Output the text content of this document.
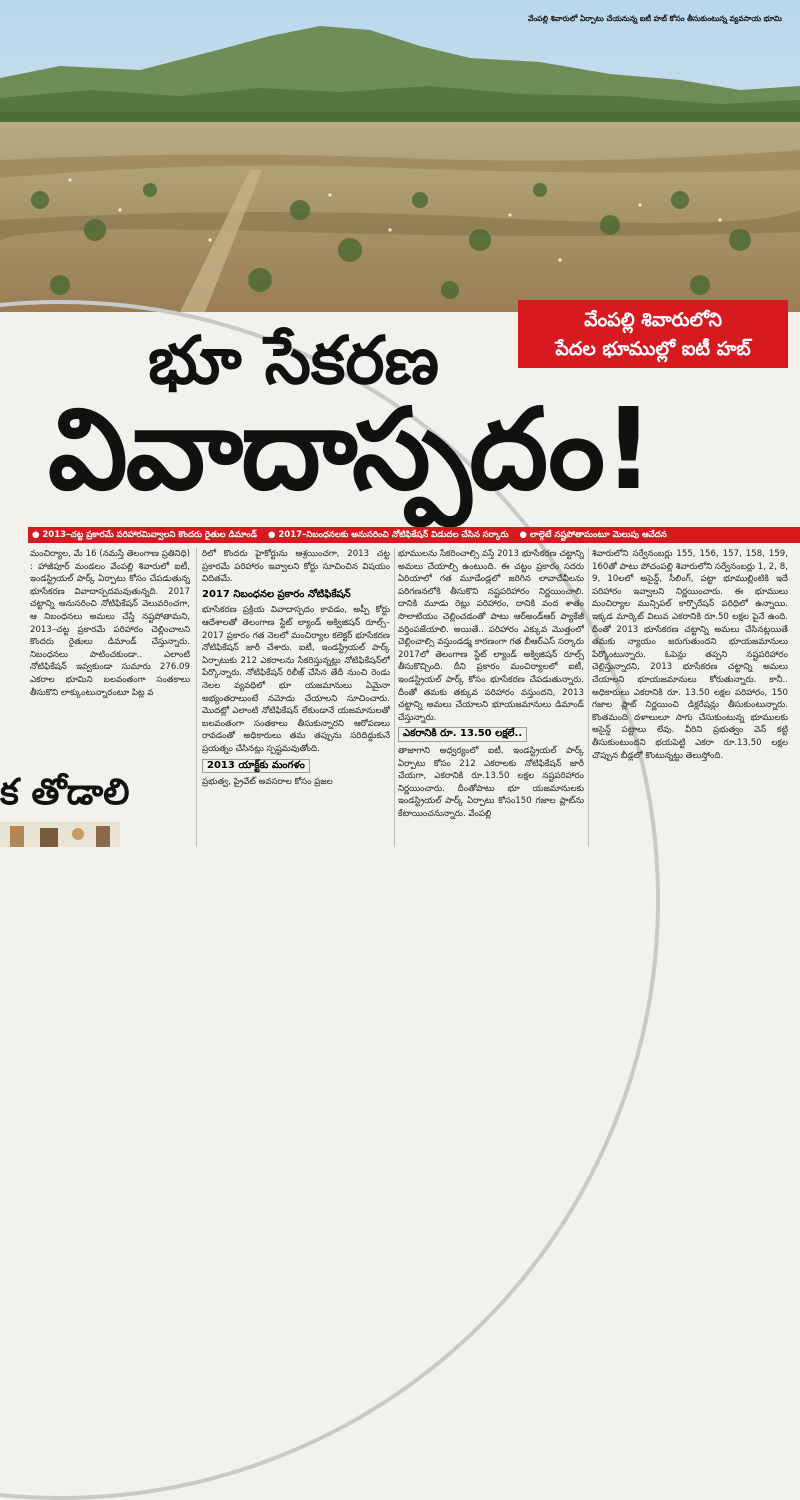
వేంపల్లి శివారులో ఏర్పాటు చేయనున్న ఐటీ హబ్ కోసం తీసుకుంటున్న వ్యవసాయ భూమి
వేంపల్లి శివారులోని
పేదల భూముల్లో ఐటీ హబ్
భూ సేకరణ
వివాదాస్పదం!
● 2013–చట్ట ప్రకారమే పరిహారమివ్వాలని కొందరు రైతుల డిమాండ్ ● 2017–నిబంధనలకు అనుసరించి నోటిఫికేషన్ విడుదల చేసిన సర్కారు ● లాల్గెటే నష్టపోతామంటూ మెలుపు ఆవేదన

మంచిర్యాల, మే 16 (నమస్తే తెలంగాణ ప్రతినిధి) : హాజీపూర్ మండలం వేంపల్లి శివారులో ఐటీ, ఇండస్ట్రియల్ పార్క్ ఏర్పాటు కోసం చేపడుతున్న భూసేకరణ వివాదాస్పదమవుతున్నది. 2017 చట్టాన్ని అనుసరించి నోటిఫికేషన్ వెలువరించగా, ఆ నిబంధనలు అమలు చేస్తే నష్టపోతామని, 2013–చట్ట ప్రకారమే పరిహారం చెల్లించాలని కొందరు రైతులు డిమాండ్ చేస్తున్నారు. నిబంధనలు పాటించకుండా.. ఎలాంటి నోటిఫికేషన్ ఇవ్వకుండా సుమారు 276.09 ఎకరాల భూమిని బలవంతంగా సంతకాలు తీసుకొని లాక్కుంటున్నారంటూ పిట్ల వ

రిలో కొందరు హైకోర్టును ఆశ్రయించగా, 2013 చట్ట ప్రకారమే పరిహారం ఇవ్వాలని కోర్టు సూచించిన విషయం విదితమే.

2017 నిబంధనల ప్రకారం నోటిఫికేషన్

భూసేకరణ ప్రక్రియ వివాదాస్పదం కావడం, అప్పీ కోర్టు ఆదేశాలతో తెలంగాణ స్టేట్ ల్యాండ్ అక్విజిషన్ రూల్స్–2017 ప్రకారం గత నెలలో మంచిర్యాల కలెక్టర్ భూసేకరణ నోటిఫికేషన్ జారీ చేశారు. ఐటీ, ఇండస్ట్రియల్ పార్క్ ఏర్పాటుకు 212 ఎకరాలను సేకరిస్తున్నట్లు నోటిఫికేషన్‌లో పేర్కొన్నారు. నోటిఫికేషన్ రిలీజ్ చేసిన తేదీ నుంచి రెండు నెలల వ్యవధిలో భూ యజమానులు ఏమైనా అభ్యంతరాలుంటే నమోదు చేయాలని సూచించారు. మొదట్లో ఎలాంటి నోటిఫికేషన్ లేకుండానే యజమానులతో బలవంతంగా సంతకాలు తీసుకున్నారని ఆరోపణలు రావడంతో అధికారులు తమ తప్పును సరిదిద్దుకునే ప్రయత్నం చేసినట్లు స్పష్టమవుతోంది.

2013 యాక్ట్‌కు మంగళం

ప్రభుత్వ, ప్రైవేట్ అవసరాల కోసం ప్రజల

భూములను సేకరించాల్సి వస్తే 2013 భూసేకరణ చట్టాన్ని అమలు చేయాల్సి ఉంటుంది. ఈ చట్టం ప్రకారం సదరు ఏరియాలో గత మూడేండ్లలో జరిగిన లావాదేవీలను పరిగణనలోకి తీసుకొని నష్టపరిహారం నిర్ణయించాలి. దానికి మూడు రెట్లు పరిహారం, దానికి వంద శాతం సొలాటియం చెల్లించడంతో పాటు ఆర్అండ్ఆర్ ప్యాకేజీ వర్తింపజేయాలి. అయితే.. పరిహారం ఎక్కువ మొత్తంలో చెల్లించాల్సి వస్తుండడ్మ కారణంగా గత బీఆర్ఎస్ సర్కారు 2017లో తెలంగాణ స్టేట్ ల్యాండ్ అక్విజిషన్ రూల్స్ తీసుకొచ్చింది. దీని ప్రకారం మంచిర్యాలలో ఐటీ, ఇండస్ట్రియల్ పార్క్ కోసం భూసేకరణ చేపడుతున్నారు. దీంతో తమకు తక్కువ పరిహారం వస్తుందని, 2013 చట్టాన్ని అమలు చేయాలని భూయజమానులు డిమాండ్ చేస్తున్నారు.

ఎకరానికి రూ. 13.50 లక్షలే..

తాజాగాని అధ్వర్యంలో ఐటీ, ఇండస్ట్రియల్ పార్క్ ఏర్పాటు కోసం 212 ఎకరాలకు నోటిఫికేషన్ జారీ చేయగా, ఎకరానికి రూ.13.50 లక్షల నష్టపరిహారం నిర్ణయించారు. దీంతోపాటు భూ యజమానులకు ఇండస్ట్రియల్ పార్క్ ఏర్పాటు కోసం150 గజాల ప్లాట్‌ను కేటాయించనున్నారు. వేంపల్లి

శివారులోని సర్వేనంబర్లు 155, 156, 157, 158, 159, 160తో పాటు పోచంపల్లి శివారులోని సర్వేనంబర్లు 1, 2, 8, 9, 10లలో అసైన్డ్, సీలింగ్, పట్టా భూముల్లింటికి ఇదే పరిహారం ఇవ్వాలని నిర్ణయించారు. ఈ భూములు మంచిర్యాల మున్సిపల్ కార్పొరేషన్ పరిధిలో ఉన్నాయి. ఇక్కడ మార్కెట్ విలువ ఎకరానికి రూ.50 లక్షల పైనే ఉంది. దీంతో 2013 భూసేకరణ చట్టాన్ని అమలు చేసినట్లయితే తమకు న్యాయం జరుగుతుందని భూయజమానులు పేర్కొంటున్నారు. ఓపెన్లు తప్పని నష్టపరిహారం చెల్లిస్తున్నారని, 2013 భూసేకరణ చట్టాన్ని అమలు చేయాలని భూయజమానులు కోరుతున్నారు. కానీ.. అధికారులు ఎకరానికి రూ. 13.50 లక్షల పరిహారం, 150 గజాల ప్లాట్ నిర్ణయించి డిక్లరేషన్లు తీసుకుంటున్నారు. కొంతమంది దళాలులూ సాగు చేసుకుంటున్న భూములకు అసైన్డ్ పట్టాలు లేవు. వీరిని ప్రభుత్వం వెన్ కట్టి తీసుకుంటుందని భయపెట్టి ఎకరా రూ.13.50 లక్షల చొప్పున బీడ్లలో కొంటున్నట్టు తెలుస్తోంది.

క తోడాలి
